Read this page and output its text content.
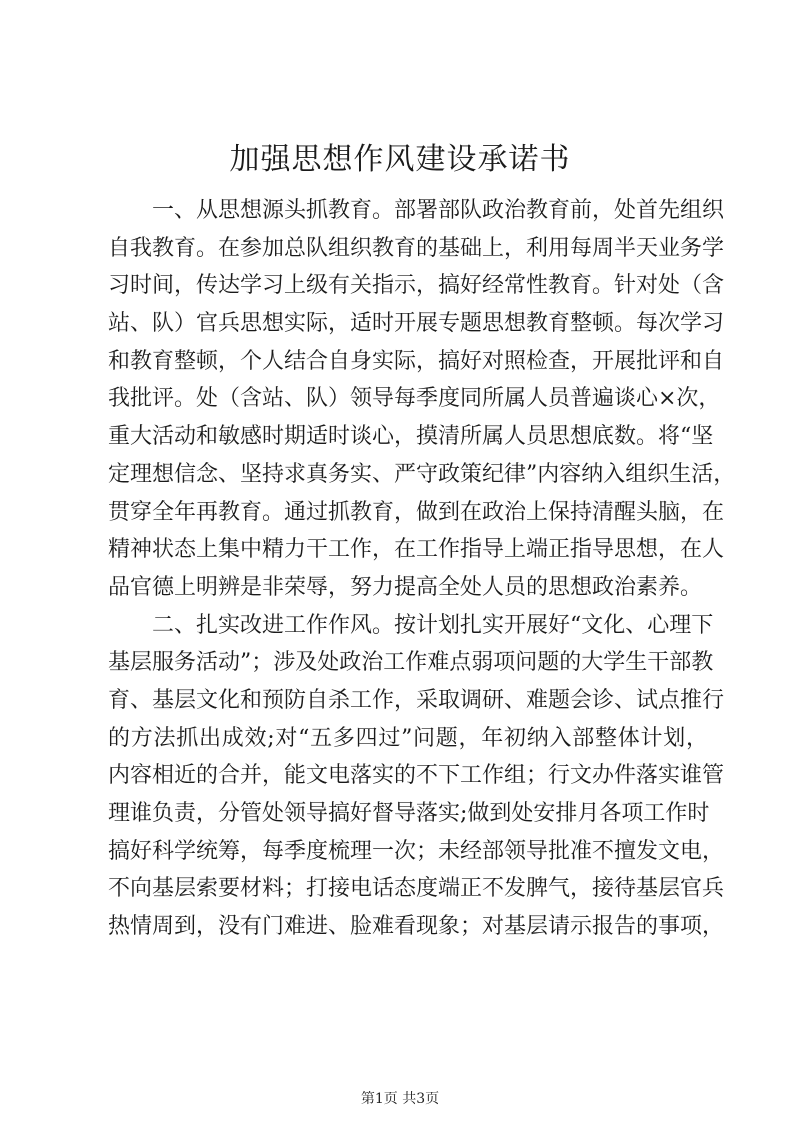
加强思想作风建设承诺书
一、从思想源头抓教育。部署部队政治教育前，处首先组织
自我教育。在参加总队组织教育的基础上，利用每周半天业务学
习时间，传达学习上级有关指示，搞好经常性教育。针对处（含
站、队）官兵思想实际，适时开展专题思想教育整顿。每次学习
和教育整顿，个人结合自身实际，搞好对照检查，开展批评和自
我批评。处（含站、队）领导每季度同所属人员普遍谈心×次，
重大活动和敏感时期适时谈心，摸清所属人员思想底数。将“坚
定理想信念、坚持求真务实、严守政策纪律”内容纳入组织生活，
贯穿全年再教育。通过抓教育，做到在政治上保持清醒头脑，在
精神状态上集中精力干工作，在工作指导上端正指导思想，在人
品官德上明辨是非荣辱，努力提高全处人员的思想政治素养。
二、扎实改进工作作风。按计划扎实开展好“文化、心理下
基层服务活动”；涉及处政治工作难点弱项问题的大学生干部教
育、基层文化和预防自杀工作，采取调研、难题会诊、试点推行
的方法抓出成效;对“五多四过”问题，年初纳入部整体计划，
内容相近的合并，能文电落实的不下工作组；行文办件落实谁管
理谁负责，分管处领导搞好督导落实;做到处安排月各项工作时
搞好科学统筹，每季度梳理一次；未经部领导批准不擅发文电，
不向基层索要材料；打接电话态度端正不发脾气，接待基层官兵
热情周到，没有门难进、脸难看现象；对基层请示报告的事项，
第1页 共3页
